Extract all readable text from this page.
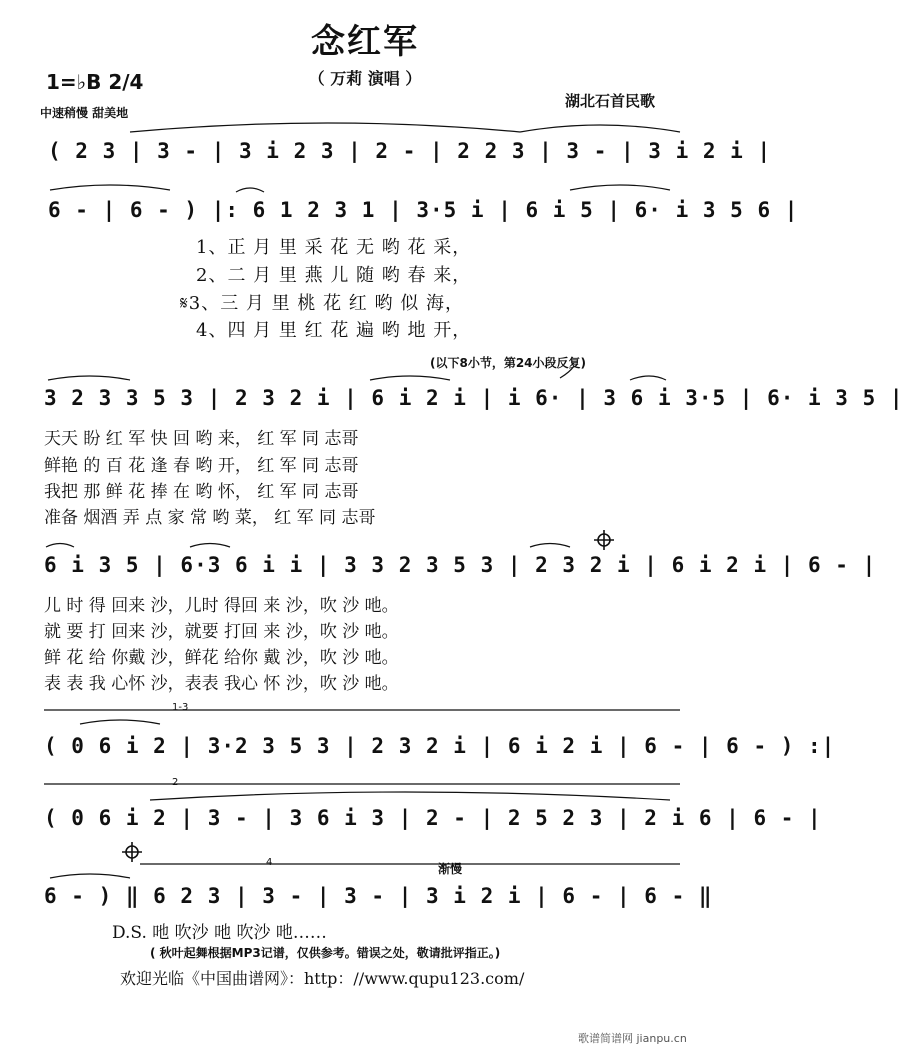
念红军
（ 万莉 演唱 ）
1=♭B 2/4
中速稍慢 甜美地
湖北石首民歌
( 2 3 | 3 - | 3 i 2 3 | 2 - | 2 2 3 | 3 - | 3 i 2 i |
6 - | 6 - ) |: 6 1 2 3 1 | 3·5 i | 6 i 5 | 6· i 3 5 6 |
1、正 月 里 采 花 无 哟 花 采，
2、二 月 里 燕 儿 随 哟 春 来，
𝄋3、三 月 里 桃 花 红 哟 似 海，
4、四 月 里 红 花 遍 哟 地 开，
(以下8小节，第24小段反复)
3 2 3 3 5 3 | 2 3 2 i | 6 i 2 i | i 6· | 3 6 i 3·5 | 6· i 3 5 |
天天 盼 红 军 快 回 哟 来， 红 军 同 志哥
鲜艳 的 百 花 逢 春 哟 开， 红 军 同 志哥
我把 那 鲜 花 捧 在 哟 怀， 红 军 同 志哥
准备 烟酒 弄 点 家 常 哟 菜， 红 军 同 志哥
6 i 3 5 | 6·3 6 i i | 3 3 2 3 5 3 | 2 3 2 i | 6 i 2 i | 6 - |
儿 时 得 回来 沙，儿时 得回 来 沙，吹 沙 吔。
就 要 打 回来 沙，就要 打回 来 沙，吹 沙 吔。
鲜 花 给 你戴 沙，鲜花 给你 戴 沙，吹 沙 吔。
表 表 我 心怀 沙，表表 我心 怀 沙，吹 沙 吔。
1-3
( 0 6 i 2 | 3·2 3 5 3 | 2 3 2 i | 6 i 2 i | 6 - | 6 - ) :|
2
( 0 6 i 2 | 3 - | 3 6 i 3 | 2 - | 2 5 2 3 | 2 i 6 | 6 - |
4	渐慢
6 - ) ‖ 6 2 3 | 3 - | 3 - | 3 i 2 i | 6 - | 6 - ‖
D.S. 吔 吹沙 吔 吹沙 吔……
( 秋叶起舞根据MP3记谱，仅供参考。错误之处，敬请批评指正。)
欢迎光临《中国曲谱网》：http：//www.qupu123.com/
歌谱简谱网 jianpu.cn
